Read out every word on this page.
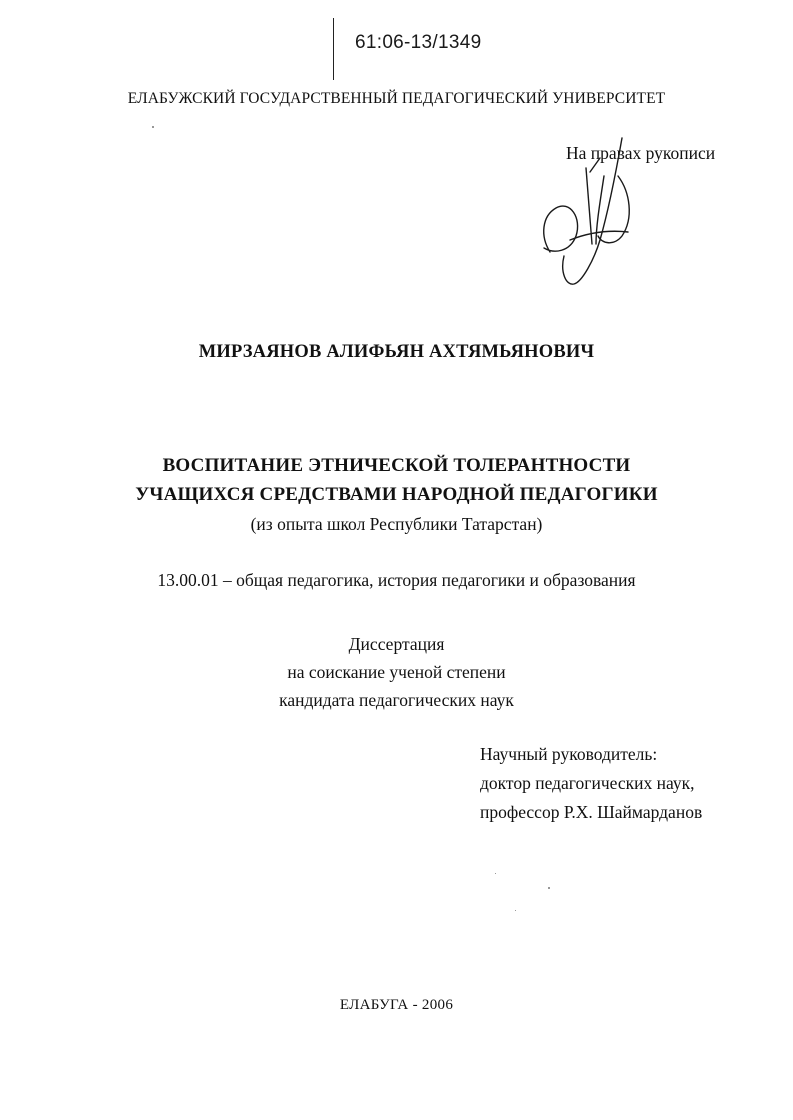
61:06-13/1349
ЕЛАБУЖСКИЙ ГОСУДАРСТВЕННЫЙ ПЕДАГОГИЧЕСКИЙ УНИВЕРСИТЕТ
На правах рукописи
МИРЗАЯНОВ АЛИФЬЯН АХТЯМЬЯНОВИЧ
ВОСПИТАНИЕ ЭТНИЧЕСКОЙ ТОЛЕРАНТНОСТИ
УЧАЩИХСЯ СРЕДСТВАМИ НАРОДНОЙ ПЕДАГОГИКИ
(из опыта школ Республики Татарстан)
13.00.01 – общая педагогика, история педагогики и образования
Диссертация
на соискание ученой степени
кандидата педагогических наук
Научный руководитель:
доктор педагогических наук,
профессор Р.Х. Шаймарданов
ЕЛАБУГА - 2006
